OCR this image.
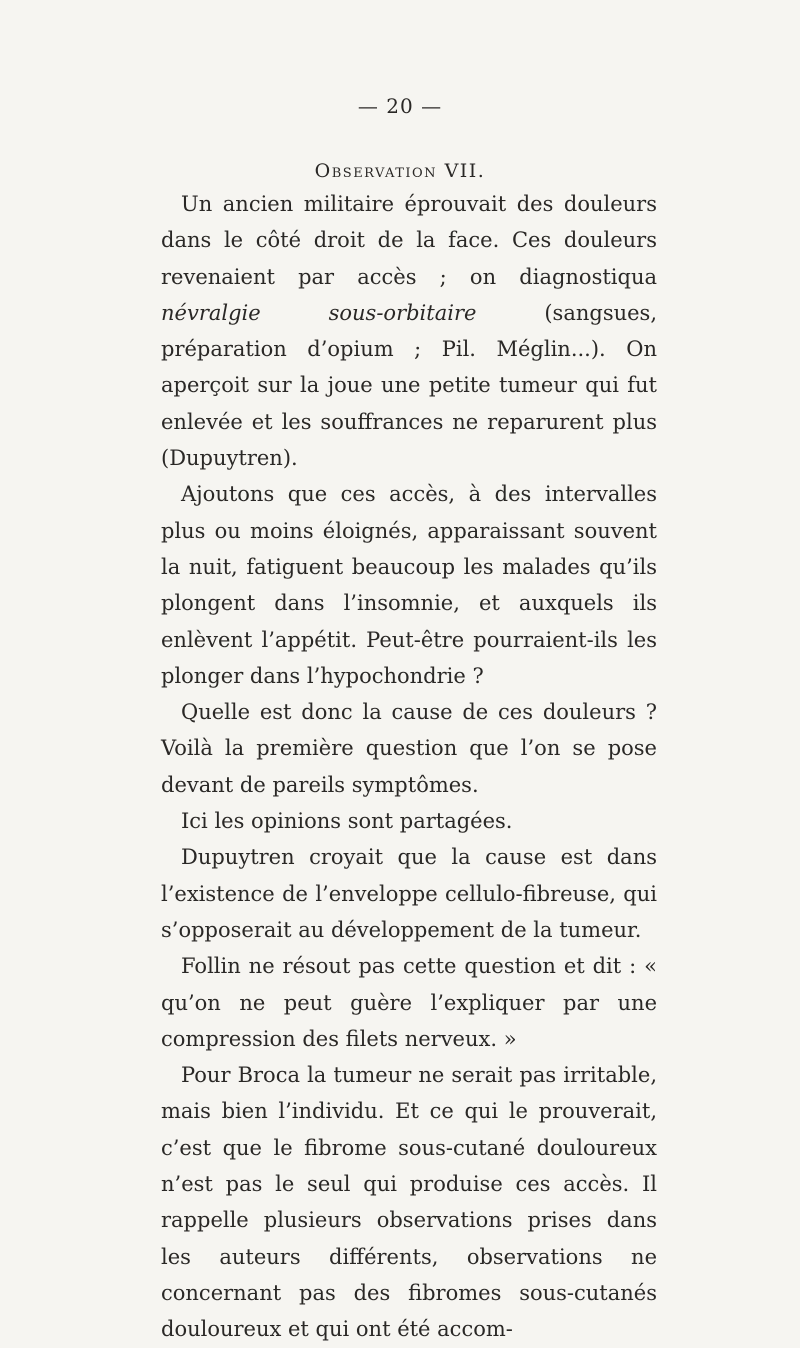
— 20 —
Observation VII.

Un ancien militaire éprouvait des douleurs dans le côté droit de la face. Ces douleurs revenaient par accès ; on diagnostiqua névralgie sous-orbitaire (sangsues, préparation d’opium ; Pil. Méglin...). On aperçoit sur la joue une petite tumeur qui fut enlevée et les souffrances ne reparurent plus (Dupuytren).

Ajoutons que ces accès, à des intervalles plus ou moins éloignés, apparaissant souvent la nuit, fatiguent beaucoup les malades qu’ils plongent dans l’insomnie, et auxquels ils enlèvent l’appétit. Peut-être pourraient-ils les plonger dans l’hypochondrie ?

Quelle est donc la cause de ces douleurs ? Voilà la première question que l’on se pose devant de pareils symptômes.

Ici les opinions sont partagées.

Dupuytren croyait que la cause est dans l’existence de l’enveloppe cellulo-fibreuse, qui s’opposerait au développement de la tumeur.

Follin ne résout pas cette question et dit : « qu’on ne peut guère l’expliquer par une compression des filets nerveux. »

Pour Broca la tumeur ne serait pas irritable, mais bien l’individu. Et ce qui le prouverait, c’est que le fibrome sous-cutané douloureux n’est pas le seul qui produise ces accès. Il rappelle plusieurs observations prises dans les auteurs différents, observations ne concernant pas des fibromes sous-cutanés douloureux et qui ont été accom-
